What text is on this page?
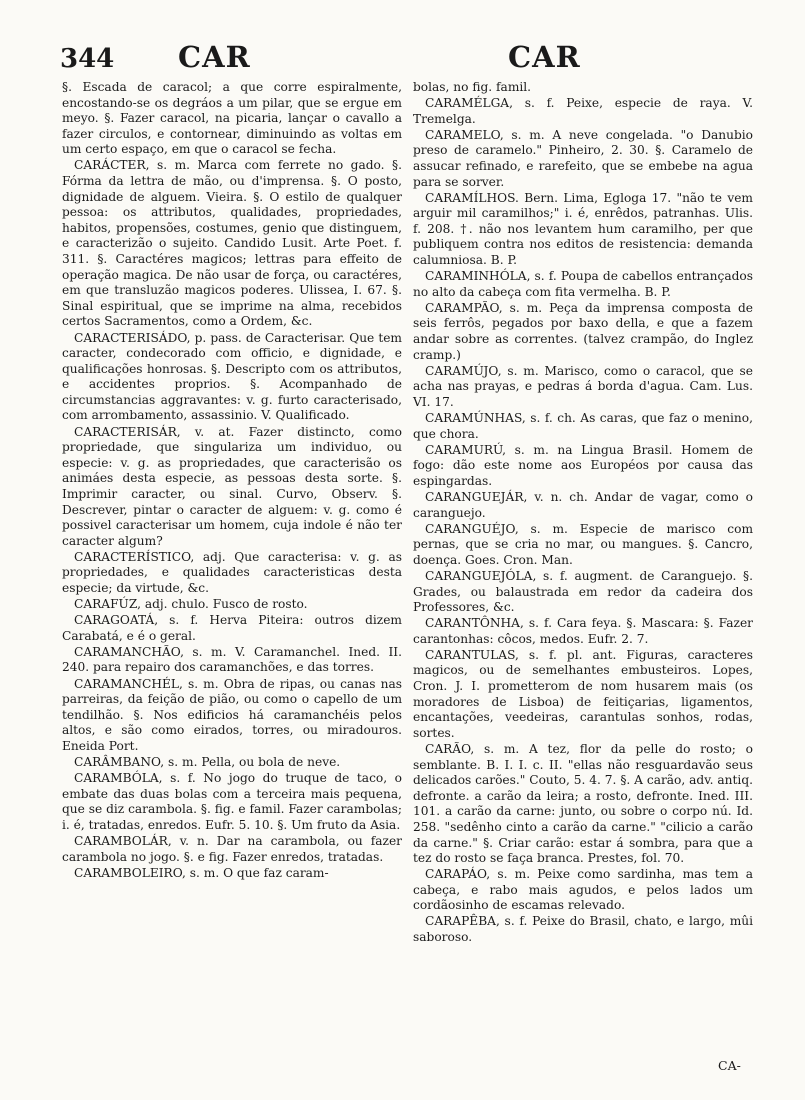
344 CAR	CAR

§. Escada de caracol; a que corre espiralmente, encostando-se os degráos a um pilar, que se ergue em meyo. §. Fazer caracol, na picaria, lançar o cavallo a fazer circulos, e contornear, diminuindo as voltas em um certo espaço, em que o caracol se fecha.

CARÁCTER, s. m. Marca com ferrete no gado. §. Fórma da lettra de mão, ou d'imprensa. §. O posto, dignidade de alguem. Vieira. §. O estilo de qualquer pessoa: os attributos, qualidades, propriedades, habitos, propensões, costumes, genio que distinguem, e caracterizão o sujeito. Candido Lusit. Arte Poet. f. 311. §. Caractéres magicos; lettras para effeito de operação magica. De não usar de força, ou caractéres, em que transluzão magicos poderes. Ulissea, I. 67. §. Sinal espiritual, que se imprime na alma, recebidos certos Sacramentos, como a Ordem, &c.

CARACTERISÁDO, p. pass. de Caracterisar. Que tem caracter, condecorado com officio, e dignidade, e qualificações honrosas. §. Descripto com os attributos, e accidentes proprios. §. Acompanhado de circumstancias aggravantes: v. g. furto caracterisado, com arrombamento, assassinio. V. Qualificado.

CARACTERISÁR, v. at. Fazer distincto, como propriedade, que singulariza um individuo, ou especie: v. g. as propriedades, que caracterisão os animáes desta especie, as pessoas desta sorte. §. Imprimir caracter, ou sinal. Curvo, Observ. §. Descrever, pintar o caracter de alguem: v. g. como é possivel caracterisar um homem, cuja indole é não ter caracter algum?

CARACTERÍSTICO, adj. Que caracterisa: v. g. as propriedades, e qualidades caracteristicas desta especie; da virtude, &c.

CARAFÚZ, adj. chulo. Fusco de rosto.

CARAGOATÁ, s. f. Herva Piteira: outros dizem Carabatá, e é o geral.

CARAMANCHÃO, s. m. V. Caramanchel. Ined. II. 240. para repairo dos caramanchões, e das torres.

CARAMANCHÉL, s. m. Obra de ripas, ou canas nas parreiras, da feição de pião, ou como o capello de um tendilhão. §. Nos edificios há caramanchéis pelos altos, e são como eirados, torres, ou miradouros. Eneida Port.

CARÂMBANO, s. m. Pella, ou bola de neve.

CARAMBÓLA, s. f. No jogo do truque de taco, o embate das duas bolas com a terceira mais pequena, que se diz carambola. §. fig. e famil. Fazer carambolas; i. é, tratadas, enredos. Eufr. 5. 10. §. Um fruto da Asia.

CARAMBOLÁR, v. n. Dar na carambola, ou fazer carambola no jogo. §. e fig. Fazer enredos, tratadas.

CARAMBOLEIRO, s. m. O que faz caram-

bolas, no fig. famil.

CARAMÉLGA, s. f. Peixe, especie de raya. V. Tremelga.

CARAMELO, s. m. A neve congelada. "o Danubio preso de caramelo." Pinheiro, 2. 30. §. Caramelo de assucar refinado, e rarefeito, que se embebe na agua para se sorver.

CARAMÍLHOS. Bern. Lima, Egloga 17. "não te vem arguir mil caramilhos;" i. é, enrêdos, patranhas. Ulis. f. 208. †. não nos levantem hum caramilho, per que publiquem contra nos editos de resistencia: demanda calumniosa. B. P.

CARAMINHÓLA, s. f. Poupa de cabellos entrançados no alto da cabeça com fita vermelha. B. P.

CARAMPÃO, s. m. Peça da imprensa composta de seis ferrôs, pegados por baxo della, e que a fazem andar sobre as correntes. (talvez crampão, do Inglez cramp.)

CARAMÚJO, s. m. Marisco, como o caracol, que se acha nas prayas, e pedras á borda d'agua. Cam. Lus. VI. 17.

CARAMÚNHAS, s. f. ch. As caras, que faz o menino, que chora.

CARAMURÚ, s. m. na Lingua Brasil. Homem de fogo: dão este nome aos Européos por causa das espingardas.

CARANGUEJÁR, v. n. ch. Andar de vagar, como o caranguejo.

CARANGUÉJO, s. m. Especie de marisco com pernas, que se cria no mar, ou mangues. §. Cancro, doença. Goes. Cron. Man.

CARANGUEJÓLA, s. f. augment. de Caranguejo. §. Grades, ou balaustrada em redor da cadeira dos Professores, &c.

CARANTÔNHA, s. f. Cara feya. §. Mascara: §. Fazer carantonhas: côcos, medos. Eufr. 2. 7.

CARANTULAS, s. f. pl. ant. Figuras, caracteres magicos, ou de semelhantes embusteiros. Lopes, Cron. J. I. prometterom de nom husarem mais (os moradores de Lisboa) de feitiçarias, ligamentos, encantações, veedeiras, carantulas sonhos, rodas, sortes.

CARÃO, s. m. A tez, flor da pelle do rosto; o semblante. B. I. I. c. II. "ellas não resguardavão seus delicados carões." Couto, 5. 4. 7. §. A carão, adv. antiq. defronte. a carão da leira; a rosto, defronte. Ined. III. 101. a carão da carne: junto, ou sobre o corpo nú. Id. 258. "sedênho cinto a carão da carne." "cilicio a carão da carne." §. Criar carão: estar á sombra, para que a tez do rosto se faça branca. Prestes, fol. 70.

CARAPÁO, s. m. Peixe como sardinha, mas tem a cabeça, e rabo mais agudos, e pelos lados um cordãosinho de escamas relevado.

CARAPÊBA, s. f. Peixe do Brasil, chato, e largo, mûi saboroso.

CA-
